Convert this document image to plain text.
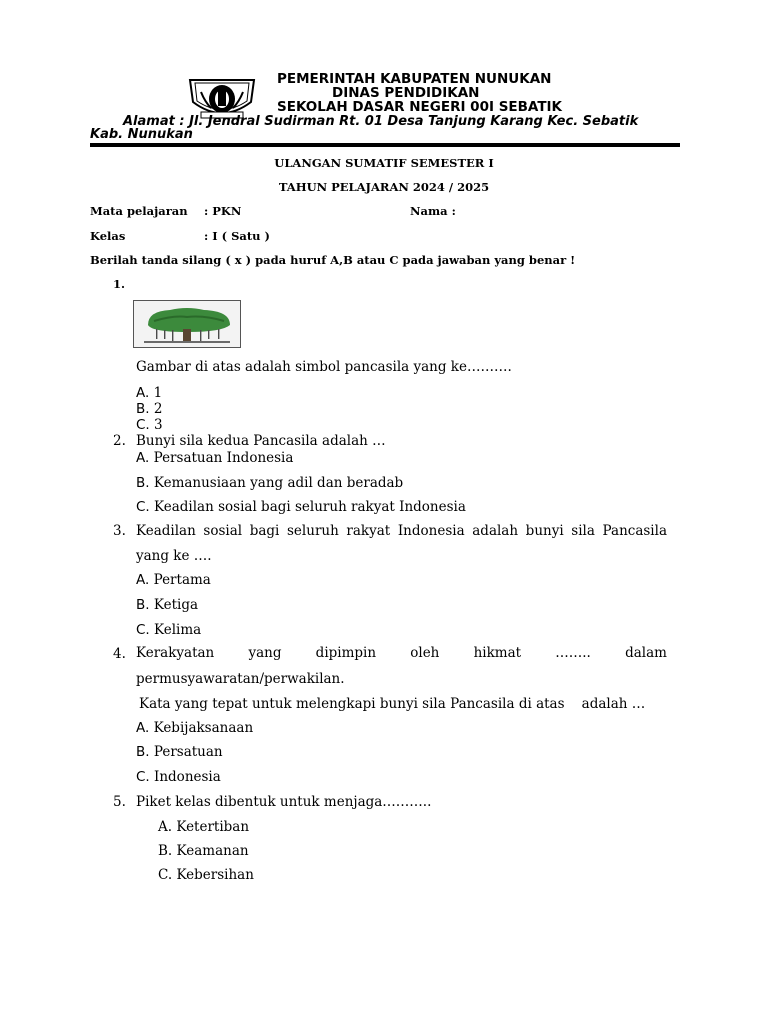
PEMERINTAH KABUPATEN NUNUKAN
DINAS PENDIDIKAN
SEKOLAH DASAR NEGERI 00I SEBATIK
Alamat : Jl. Jendral Sudirman Rt. 01 Desa Tanjung Karang Kec. Sebatik
Kab. Nunukan
ULANGAN SUMATIF SEMESTER I
TAHUN PELAJARAN 2024 / 2025
Mata pelajaran : PKN	Nama :
Kelas	: I ( Satu )
Berilah tanda silang ( x ) pada huruf A,B atau C pada jawaban yang benar !
1.
Gambar di atas adalah simbol pancasila yang ke……….
A. 1
B. 2
C. 3
2. Bunyi sila kedua Pancasila adalah …
A. Persatuan Indonesia
B. Kemanusiaan yang adil dan beradab
C. Keadilan sosial bagi seluruh rakyat Indonesia
3. Keadilan sosial bagi seluruh rakyat Indonesia adalah bunyi sila Pancasila
yang ke ….
A. Pertama
B. Ketiga
C. Kelima
4. Kerakyatan	yang	dipimpin	oleh	hikmat	……..	dalam
permusyawaratan/perwakilan.
Kata yang tepat untuk melengkapi bunyi sila Pancasila di atas    adalah …
A. Kebijaksanaan
B. Persatuan
C. Indonesia
5. Piket kelas dibentuk untuk menjaga………..
A. Ketertiban
B. Keamanan
C. Kebersihan
